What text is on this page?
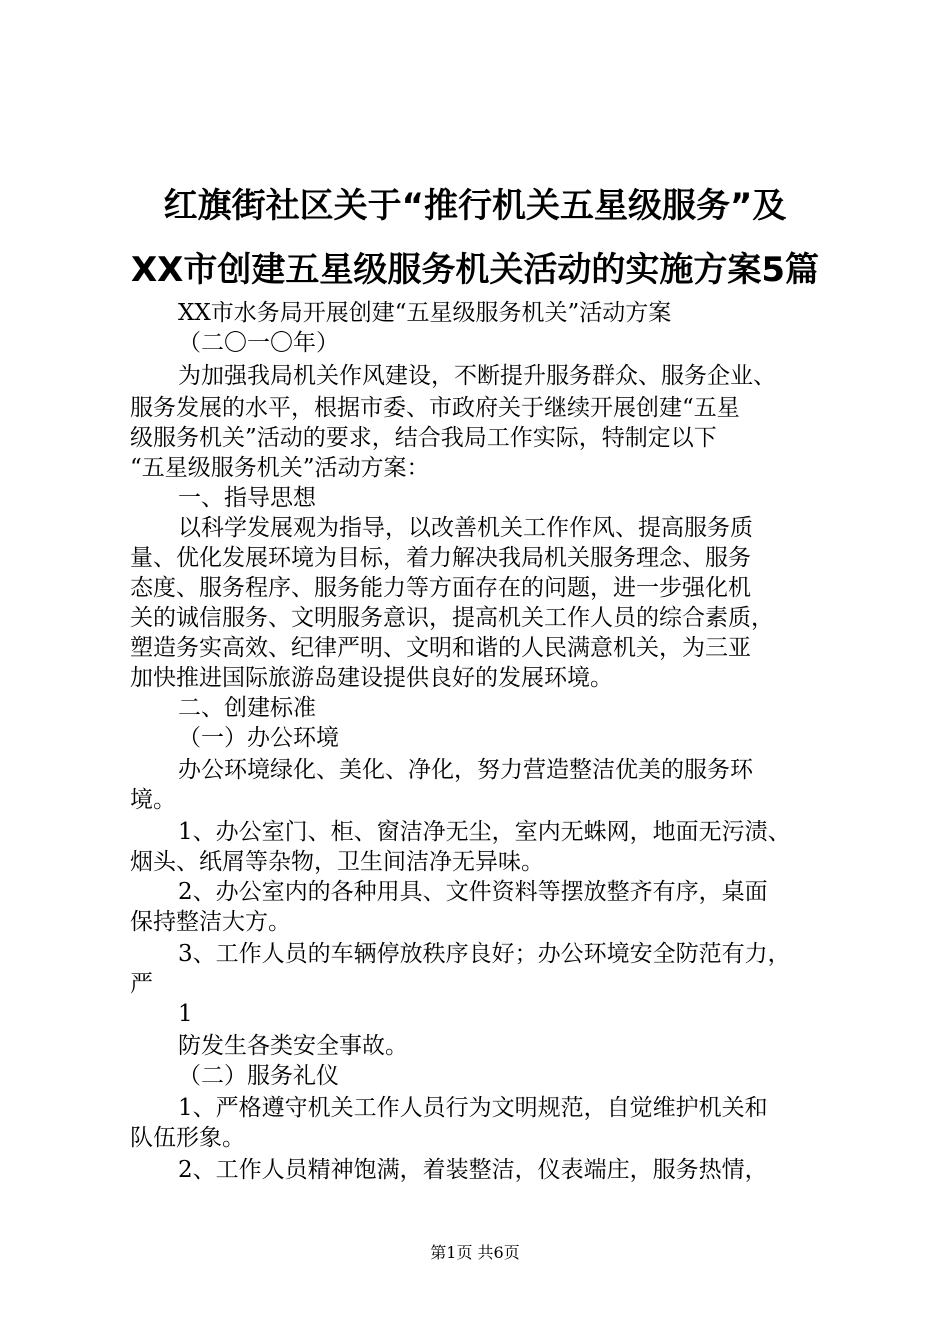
红旗街社区关于“推行机关五星级服务”及
XX市创建五星级服务机关活动的实施方案5篇
XX市水务局开展创建“五星级服务机关”活动方案
（二〇一〇年）
为加强我局机关作风建设，不断提升服务群众、服务企业、
服务发展的水平，根据市委、市政府关于继续开展创建“五星
级服务机关”活动的要求，结合我局工作实际，特制定以下
“五星级服务机关”活动方案：
一、指导思想
以科学发展观为指导，以改善机关工作作风、提高服务质
量、优化发展环境为目标，着力解决我局机关服务理念、服务
态度、服务程序、服务能力等方面存在的问题，进一步强化机
关的诚信服务、文明服务意识，提高机关工作人员的综合素质，
塑造务实高效、纪律严明、文明和谐的人民满意机关，为三亚
加快推进国际旅游岛建设提供良好的发展环境。
二、创建标准
（一）办公环境
办公环境绿化、美化、净化，努力营造整洁优美的服务环
境。
1、办公室门、柜、窗洁净无尘，室内无蛛网，地面无污渍、
烟头、纸屑等杂物，卫生间洁净无异味。
2、办公室内的各种用具、文件资料等摆放整齐有序，桌面
保持整洁大方。
3、工作人员的车辆停放秩序良好；办公环境安全防范有力，
严
1
防发生各类安全事故。
（二）服务礼仪
1、严格遵守机关工作人员行为文明规范，自觉维护机关和
队伍形象。
2、工作人员精神饱满，着装整洁，仪表端庄，服务热情，
第1页 共6页
